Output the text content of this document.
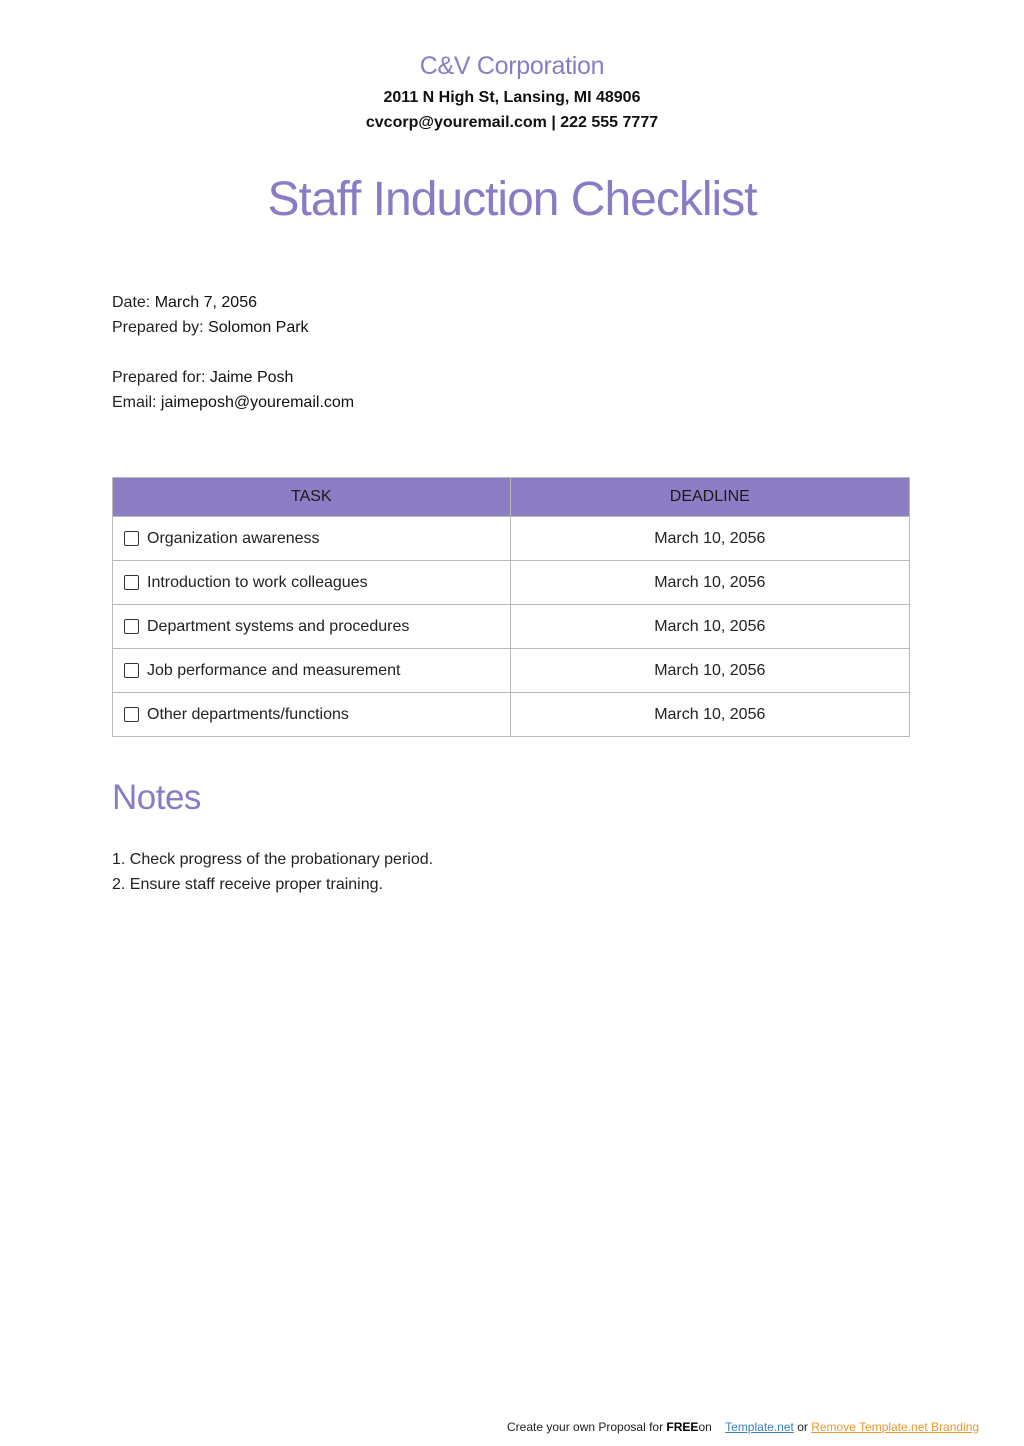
C&V Corporation
2011 N High St, Lansing, MI 48906
cvcorp@youremail.com | 222 555 7777
Staff Induction Checklist
Date: March 7, 2056
Prepared by: Solomon Park
Prepared for: Jaime Posh
Email: jaimeposh@youremail.com
TASK	DEADLINE
Organization awareness	March 10, 2056
Introduction to work colleagues	March 10, 2056
Department systems and procedures	March 10, 2056
Job performance and measurement	March 10, 2056
Other departments/functions	March 10, 2056
Notes
1. Check progress of the probationary period.
2. Ensure staff receive proper training.
Create your own Proposal for FREEon Template.net or Remove Template.net Branding
